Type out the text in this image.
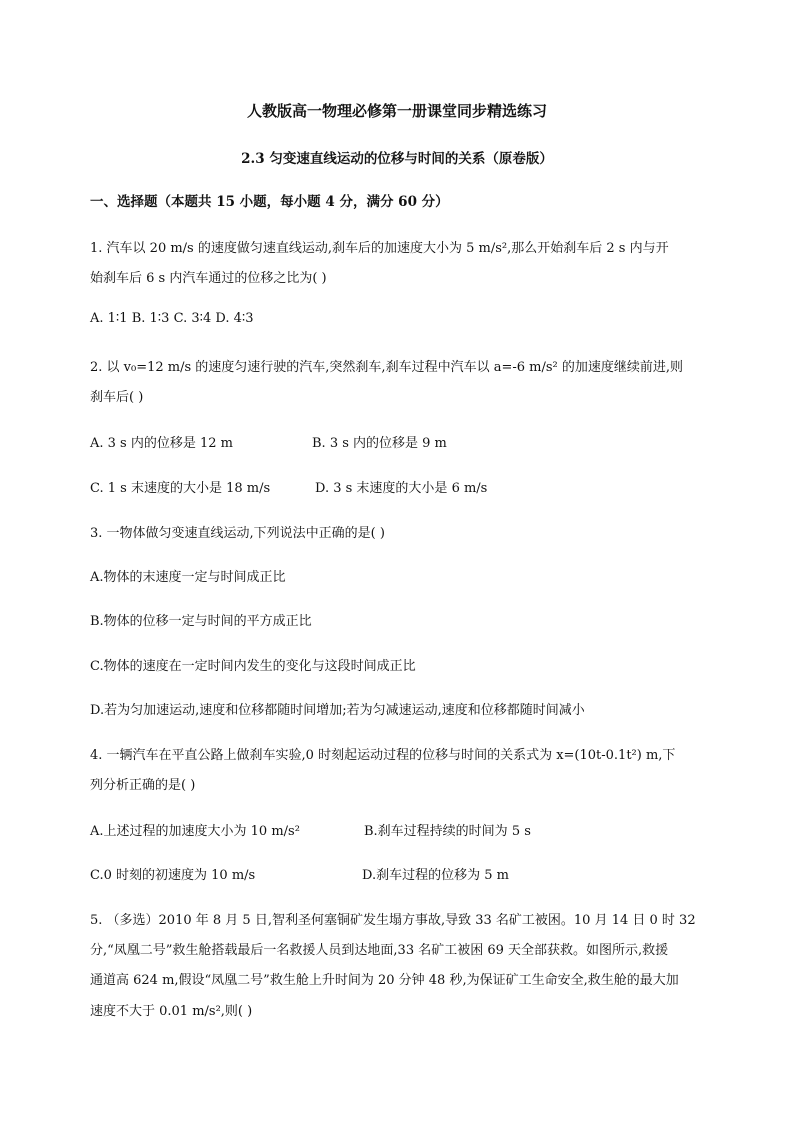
人教版高一物理必修第一册课堂同步精选练习
2.3 匀变速直线运动的位移与时间的关系（原卷版）
一、选择题（本题共 15 小题，每小题 4 分，满分 60 分）
1. 汽车以 20 m/s 的速度做匀速直线运动,刹车后的加速度大小为 5 m/s²,那么开始刹车后 2 s 内与开
始刹车后 6 s 内汽车通过的位移之比为( )
A. 1∶1 B. 1∶3 C. 3∶4 D. 4∶3
2. 以 v₀=12 m/s 的速度匀速行驶的汽车,突然刹车,刹车过程中汽车以 a=-6 m/s² 的加速度继续前进,则
刹车后( )
A. 3 s 内的位移是 12 m	B. 3 s 内的位移是 9 m
C. 1 s 末速度的大小是 18 m/s	D. 3 s 末速度的大小是 6 m/s
3. 一物体做匀变速直线运动,下列说法中正确的是( )
A.物体的末速度一定与时间成正比
B.物体的位移一定与时间的平方成正比
C.物体的速度在一定时间内发生的变化与这段时间成正比
D.若为匀加速运动,速度和位移都随时间增加;若为匀减速运动,速度和位移都随时间减小
4. 一辆汽车在平直公路上做刹车实验,0 时刻起运动过程的位移与时间的关系式为 x=(10t-0.1t²) m,下
列分析正确的是( )
A.上述过程的加速度大小为 10 m/s²	B.刹车过程持续的时间为 5 s
C.0 时刻的初速度为 10 m/s	D.刹车过程的位移为 5 m
5. （多选）2010 年 8 月 5 日,智利圣何塞铜矿发生塌方事故,导致 33 名矿工被困。10 月 14 日 0 时 32
分,“凤凰二号”救生舱搭载最后一名救援人员到达地面,33 名矿工被困 69 天全部获救。如图所示,救援
通道高 624 m,假设“凤凰二号”救生舱上升时间为 20 分钟 48 秒,为保证矿工生命安全,救生舱的最大加
速度不大于 0.01 m/s²,则( )
